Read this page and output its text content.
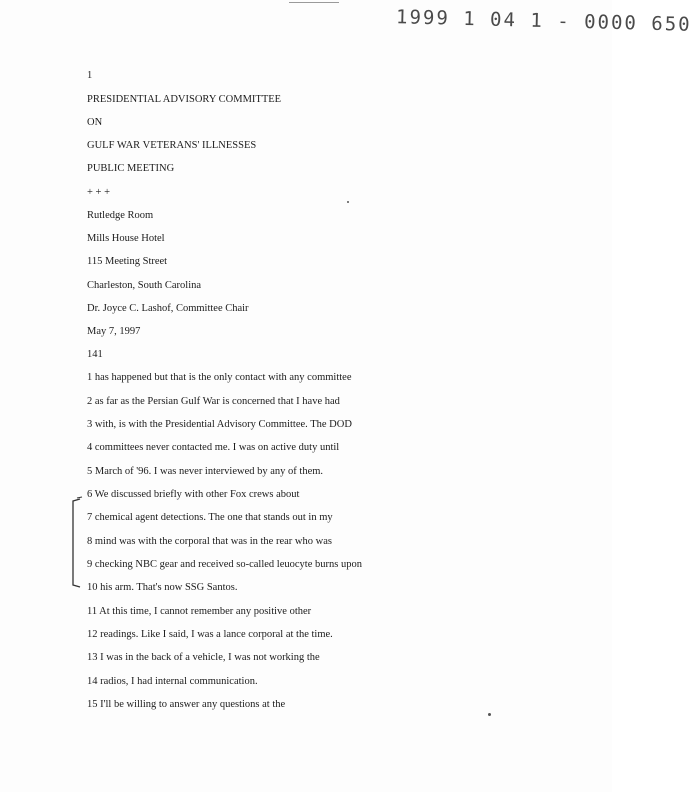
1999 1 04 1 - 0000 650
1
PRESIDENTIAL ADVISORY COMMITTEE
ON
GULF WAR VETERANS' ILLNESSES
PUBLIC MEETING
+ + +
Rutledge Room
Mills House Hotel
115 Meeting Street
Charleston, South Carolina
Dr. Joyce C. Lashof, Committee Chair
May 7, 1997
141
1 has happened but that is the only contact with any committee
2 as far as the Persian Gulf War is concerned that I have had
3 with, is with the Presidential Advisory Committee. The DOD
4 committees never contacted me. I was on active duty until
5 March of '96. I was never interviewed by any of them.
6 We discussed briefly with other Fox crews about
7 chemical agent detections. The one that stands out in my
8 mind was with the corporal that was in the rear who was
9 checking NBC gear and received so-called leuocyte burns upon
10 his arm. That's now SSG Santos.
11 At this time, I cannot remember any positive other
12 readings. Like I said, I was a lance corporal at the time.
13 I was in the back of a vehicle, I was not working the
14 radios, I had internal communication.
15 I'll be willing to answer any questions at the
